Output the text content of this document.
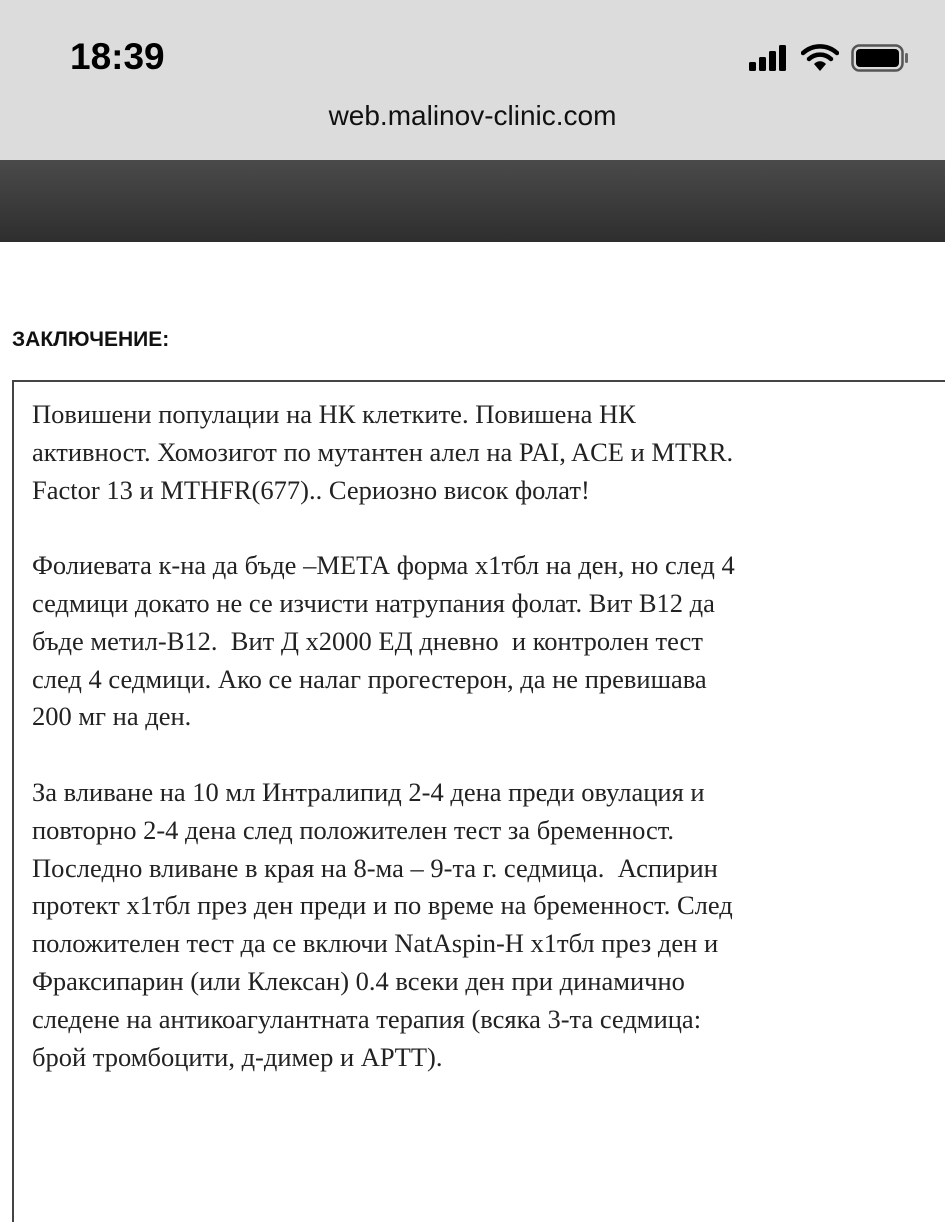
18:39
web.malinov-clinic.com
ЗАКЛЮЧЕНИЕ:
Повишени популации на НК клетките. Повишена НК
активност. Хомозигот по мутантен алел на PAI, ACE и MTRR.
Factor 13 и MTHFR(677).. Сериозно висок фолат!
Фолиевата к-на да бъде –МЕТА форма х1тбл на ден, но след 4
седмици докато не се изчисти натрупания фолат. Вит В12 да
бъде метил-В12.  Вит Д х2000 ЕД дневно  и контролен тест
след 4 седмици. Ако се налаг прогестерон, да не превишава
200 мг на ден.
За вливане на 10 мл Интралипид 2-4 дена преди овулация и
повторно 2-4 дена след положителен тест за бременност.
Последно вливане в края на 8-ма – 9-та г. седмица.  Аспирин
протект х1тбл през ден преди и по време на бременност. След
положителен тест да се включи NatAspin-H х1тбл през ден и
Фраксипарин (или Клексан) 0.4 всеки ден при динамично
следене на антикоагулантната терапия (всяка 3-та седмица:
брой тромбоцити, д-димер и APTT).
